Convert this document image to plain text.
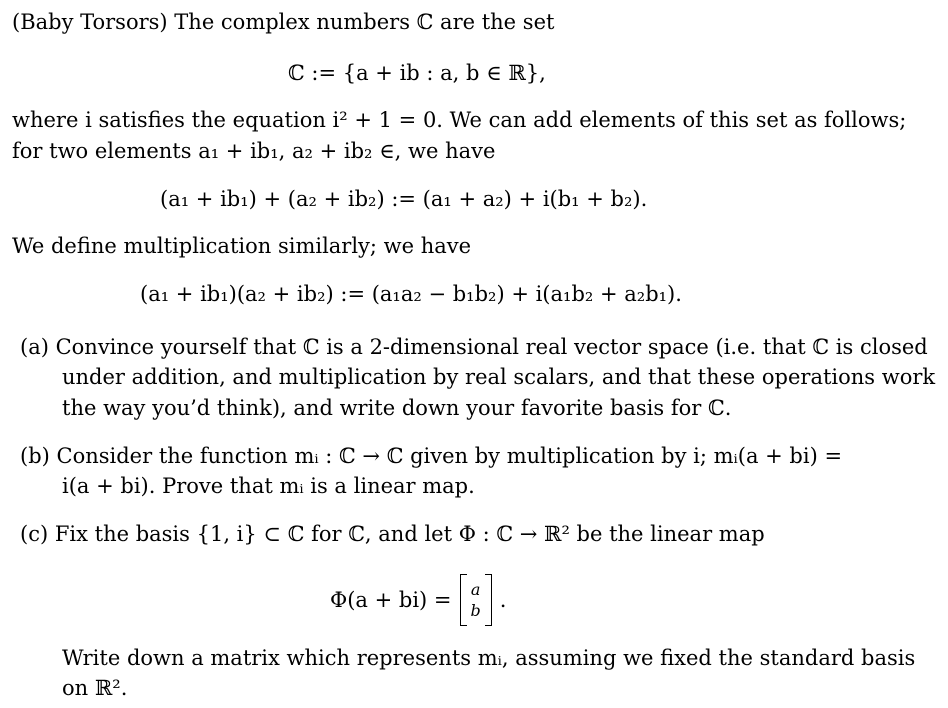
(Baby Torsors) The complex numbers ℂ are the set
ℂ := {a + ib : a, b ∈ ℝ},
where i satisfies the equation i² + 1 = 0. We can add elements of this set as follows;
for two elements a₁ + ib₁, a₂ + ib₂ ∈, we have
(a₁ + ib₁) + (a₂ + ib₂) := (a₁ + a₂) + i(b₁ + b₂).
We define multiplication similarly; we have
(a₁ + ib₁)(a₂ + ib₂) := (a₁a₂ − b₁b₂) + i(a₁b₂ + a₂b₁).
(a) Convince yourself that ℂ is a 2-dimensional real vector space (i.e. that ℂ is closed
under addition, and multiplication by real scalars, and that these operations work
the way you’d think), and write down your favorite basis for ℂ.
(b) Consider the function mᵢ : ℂ → ℂ given by multiplication by i; mᵢ(a + bi) =
i(a + bi). Prove that mᵢ is a linear map.
(c) Fix the basis {1, i} ⊂ ℂ for ℂ, and let Φ : ℂ → ℝ² be the linear map
Φ(a + bi) = a
b .
Write down a matrix which represents mᵢ, assuming we fixed the standard basis
on ℝ².
